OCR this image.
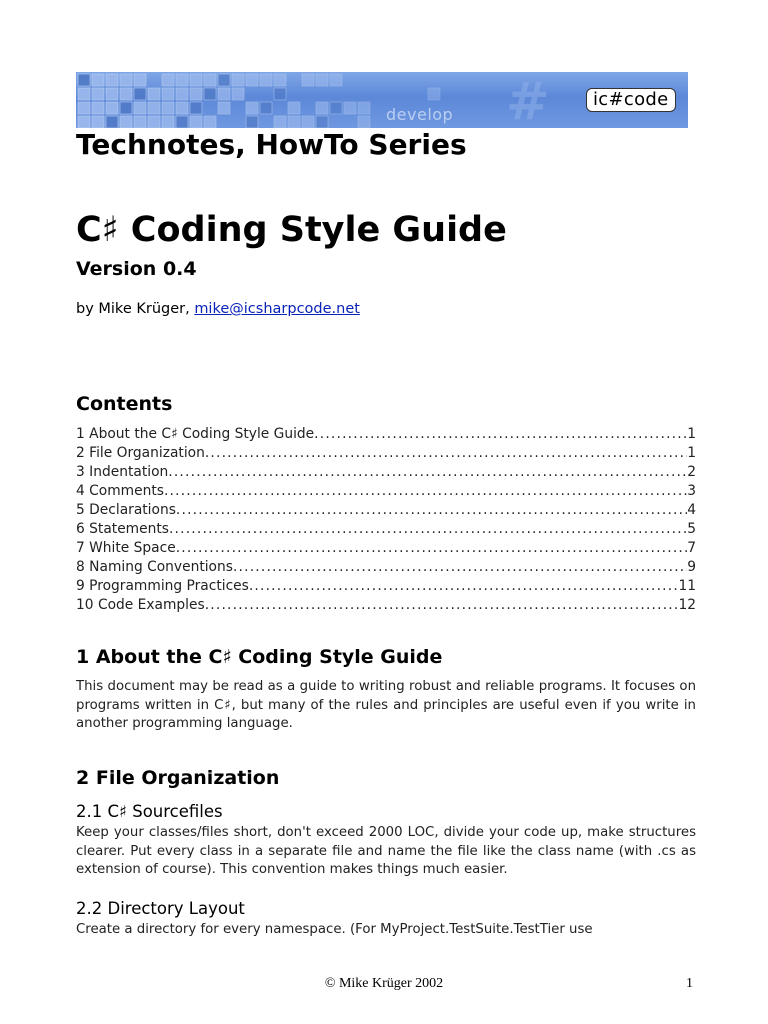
#
develop
ic#code
Technotes, HowTo Series
C♯ Coding Style Guide
Version 0.4
by Mike Krüger, mike@icsharpcode.net
Contents
1 About the C♯ Coding Style Guide .....	1
2 File Organization .....	1
3 Indentation .....	2
4 Comments .....	3
5 Declarations .....	4
6 Statements .....	5
7 White Space .....	7
8 Naming Conventions .....	9
9 Programming Practices .....	11
10 Code Examples .....	12
1 About the C♯ Coding Style Guide

This document may be read as a guide to writing robust and reliable programs. It focuses on programs written in C♯, but many of the rules and principles are useful even if you write in another programming language.

2 File Organization
2.1 C♯ Sourcefiles

Keep your classes/files short, don't exceed 2000 LOC, divide your code up, make structures clearer. Put every class in a separate file and name the file like the class name (with .cs as extension of course). This convention makes things much easier.

2.2 Directory Layout

Create a directory for every namespace. (For MyProject.TestSuite.TestTier use

© Mike Krüger 2002	1
